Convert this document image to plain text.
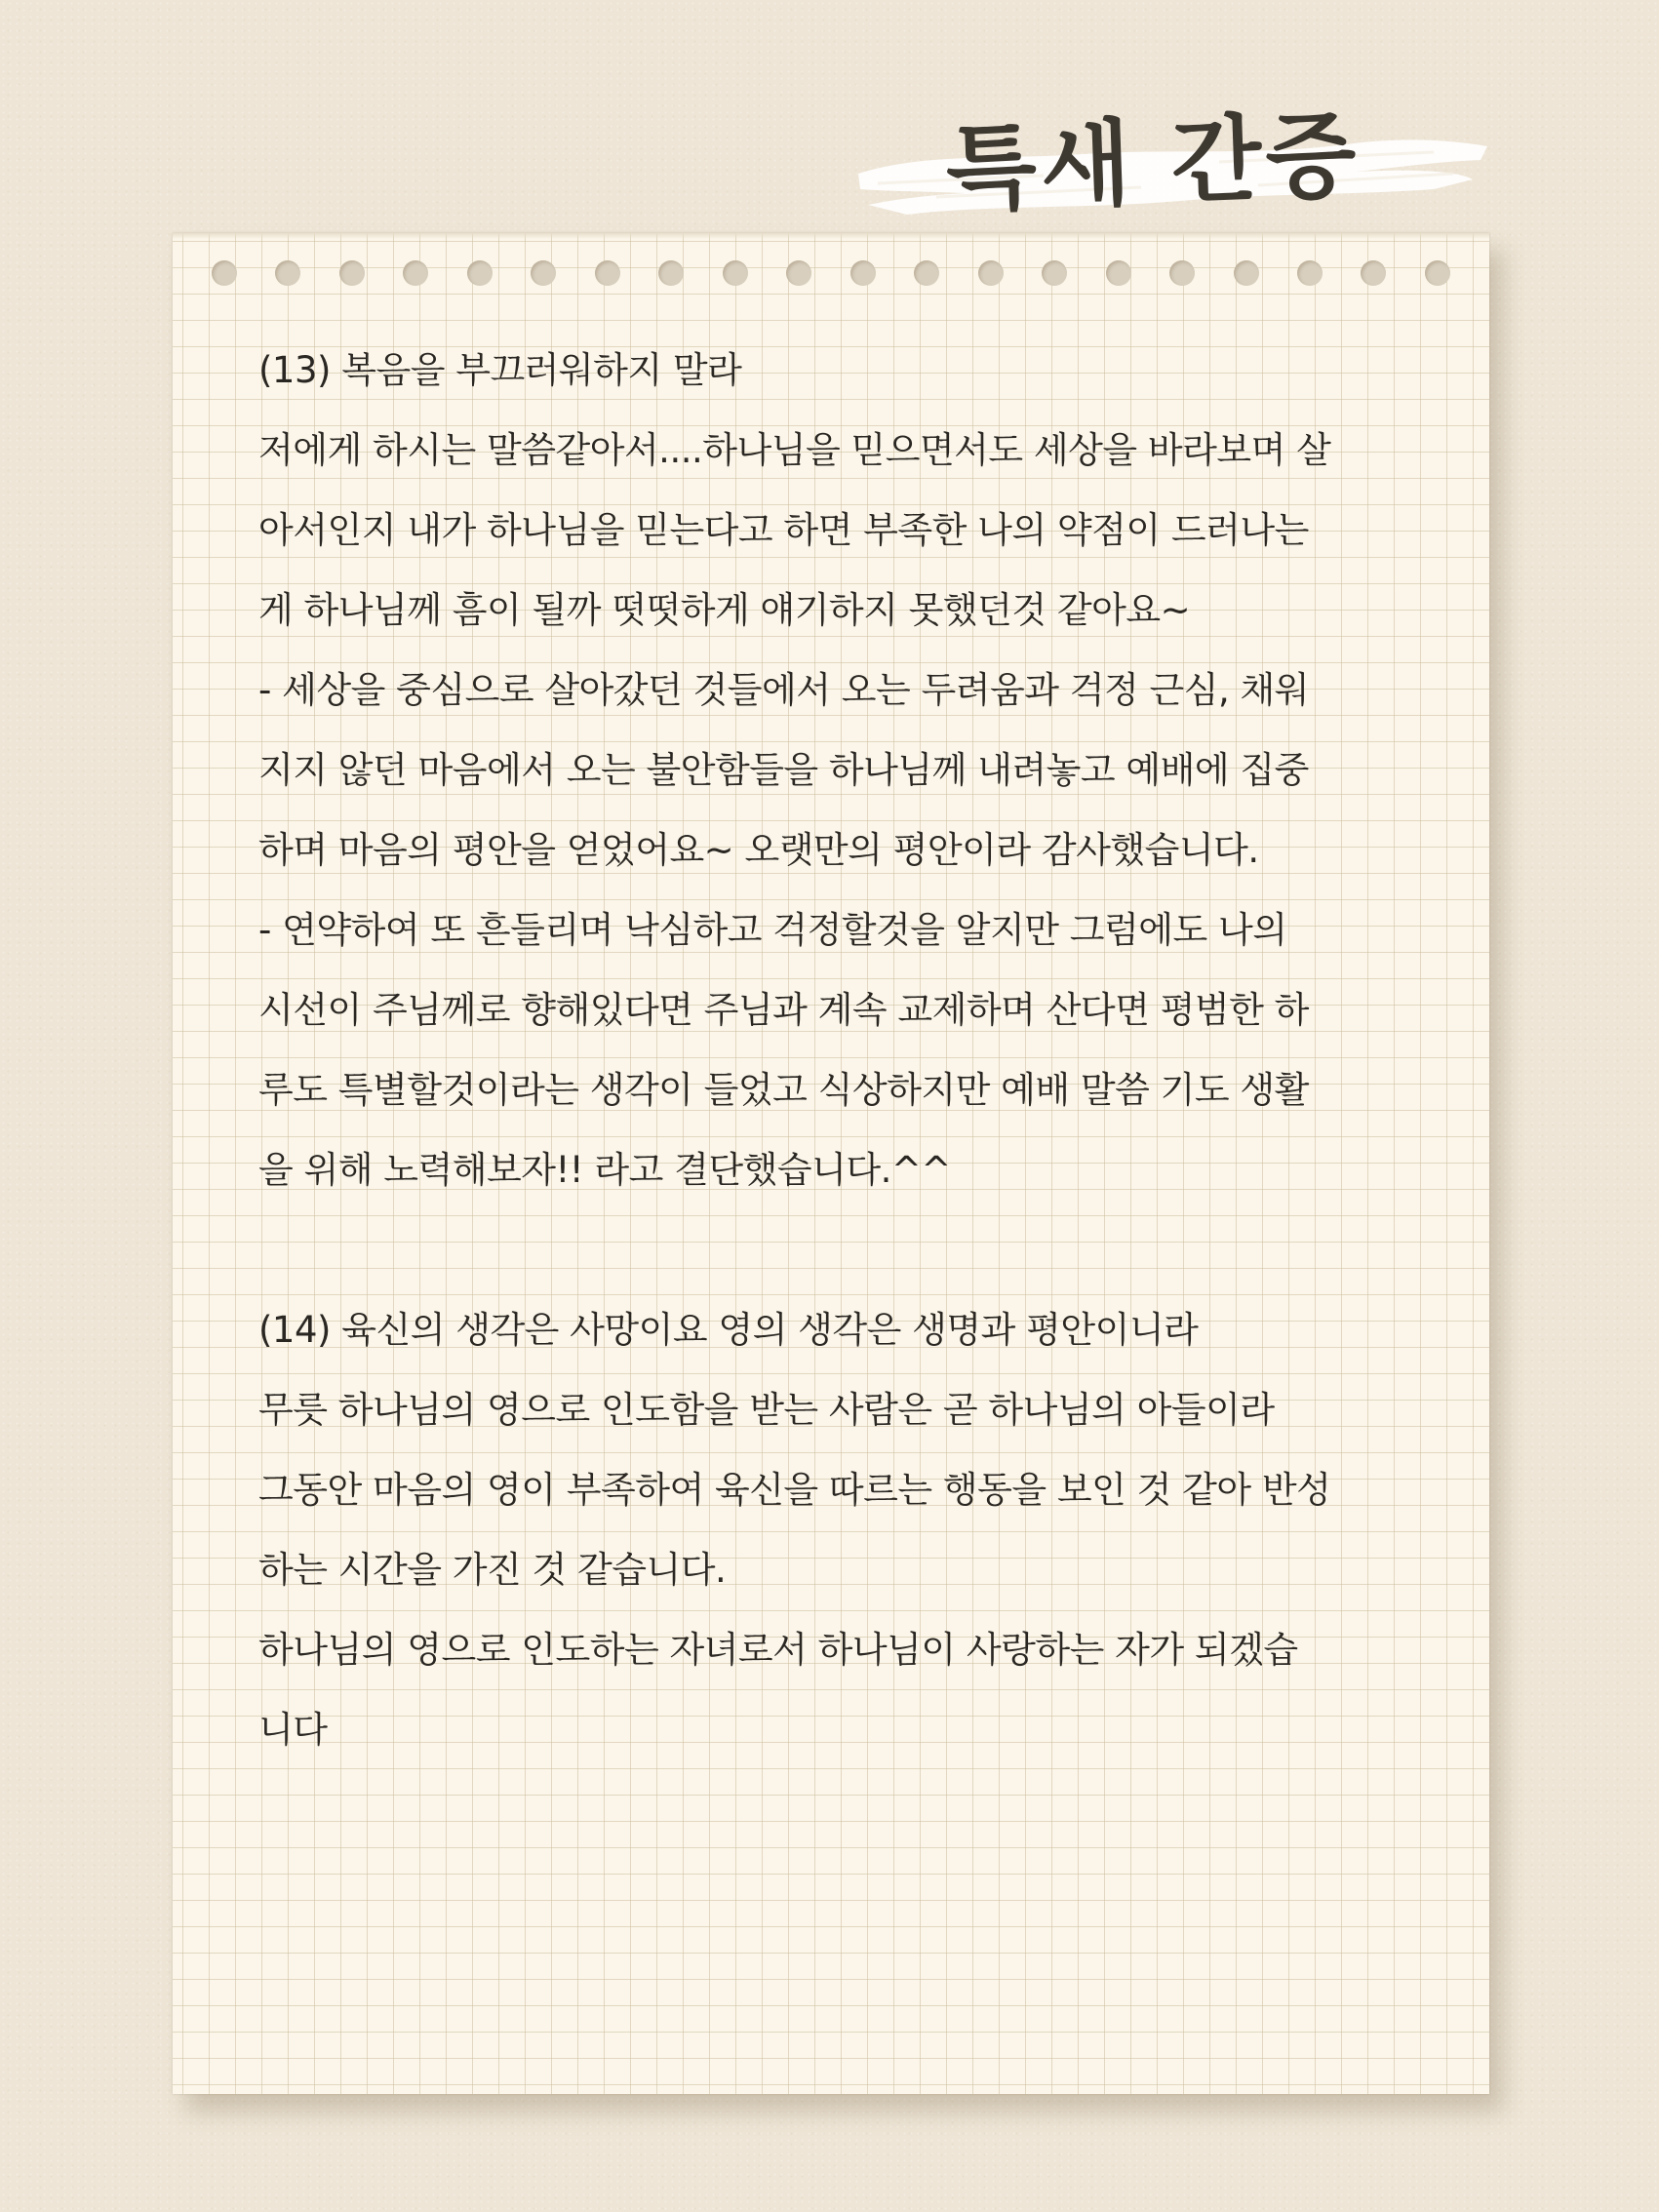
특새 간증
(13) 복음을 부끄러워하지 말라
저에게 하시는 말씀같아서....하나님을 믿으면서도 세상을 바라보며 살
아서인지 내가 하나님을 믿는다고 하면 부족한 나의 약점이 드러나는
게 하나님께 흠이 될까 떳떳하게 얘기하지 못했던것 같아요~
- 세상을 중심으로 살아갔던 것들에서 오는 두려움과 걱정 근심, 채워
지지 않던 마음에서 오는 불안함들을 하나님께 내려놓고 예배에 집중
하며 마음의 평안을 얻었어요~ 오랫만의 평안이라 감사했습니다.
- 연약하여 또 흔들리며 낙심하고 걱정할것을 알지만 그럼에도 나의
시선이 주님께로 향해있다면 주님과 계속 교제하며 산다면 평범한 하
루도 특별할것이라는 생각이 들었고 식상하지만 예배 말씀 기도 생활
을 위해 노력해보자!! 라고 결단했습니다.^^
(14) 육신의 생각은 사망이요 영의 생각은 생명과 평안이니라
무릇 하나님의 영으로 인도함을 받는 사람은 곧 하나님의 아들이라
그동안 마음의 영이 부족하여 육신을 따르는 행동을 보인 것 같아 반성
하는 시간을 가진 것 같습니다.
하나님의 영으로 인도하는 자녀로서 하나님이 사랑하는 자가 되겠습
니다
